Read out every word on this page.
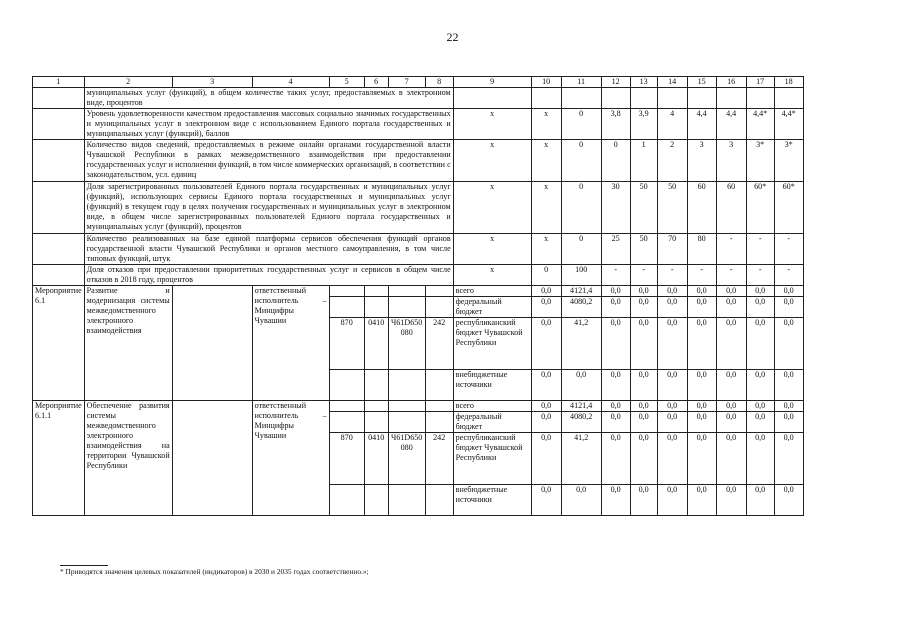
22
1	2	3	4	5	6	7	8	9	10	11	12	13	14	15	16	17	18
	муниципальных услуг (функций), в общем количестве таких услуг, предоставляемых в электронном виде, процентов																
	Уровень удовлетворенности качеством предоставления массовых социально значимых государственных и муниципальных услуг в электронном виде с использованием Единого портала государственных и муниципальных услуг (функций), баллов							x	x	0	3,8	3,9	4	4,4	4,4	4,4*	4,4*
	Количество видов сведений, предоставляемых в режиме онлайн органами государственной власти Чувашской Республики в рамках межведомственного взаимодействия при предоставлении государственных услуг и исполнении функций, в том числе коммерческих организаций, в соответствии с законодательством, усл. единиц							x	x	0	0	1	2	3	3	3*	3*
	Доля зарегистрированных пользователей Единого портала государственных и муниципальных услуг (функций), использующих сервисы Единого портала государственных и муниципальных услуг (функций) в текущем году в целях получения государственных и муниципальных услуг в электронном виде, в общем числе зарегистрированных пользователей Единого портала государственных и муниципальных услуг (функций), процентов							x	x	0	30	50	50	60	60	60*	60*
	Количество реализованных на базе единой платформы сервисов обеспечения функций органов государственной власти Чувашской Республики и органов местного самоуправления, в том числе типовых функций, штук							x	x	0	25	50	70	80	-	-	-
	Доля отказов при предоставлении приоритетных государственных услуг и сервисов в общем числе отказов в 2018 году, процентов							x	0	100	-	-	-	-	-	-	-
Мероприятие 6.1	Развитие и модернизация системы межведомственного электронного взаимодействия		ответственный исполнитель – Минцифры Чувашии					всего	0,0	4121,4	0,0	0,0	0,0	0,0	0,0	0,0	0,0
								федеральный бюджет	0,0	4080,2	0,0	0,0	0,0	0,0	0,0	0,0	0,0
				870	0410	Ч61D650080	242	республиканский бюджет Чувашской Республики	0,0	41,2	0,0	0,0	0,0	0,0	0,0	0,0	0,0
								внебюджетные источники	0,0	0,0	0,0	0,0	0,0	0,0	0,0	0,0	0,0
Мероприятие 6.1.1	Обеспечение развития системы межведомственного электронного взаимодействия на территории Чувашской Республики		ответственный исполнитель – Минцифры Чувашии					всего	0,0	4121,4	0,0	0,0	0,0	0,0	0,0	0,0	0,0
								федеральный бюджет	0,0	4080,2	0,0	0,0	0,0	0,0	0,0	0,0	0,0
				870	0410	Ч61D650080	242	республиканский бюджет Чувашской Республики	0,0	41,2	0,0	0,0	0,0	0,0	0,0	0,0	0,0
								внебюджетные источники	0,0	0,0	0,0	0,0	0,0	0,0	0,0	0,0	0,0
* Приводятся значения целевых показателей (индикаторов) в 2030 и 2035 годах соответственно.»;
